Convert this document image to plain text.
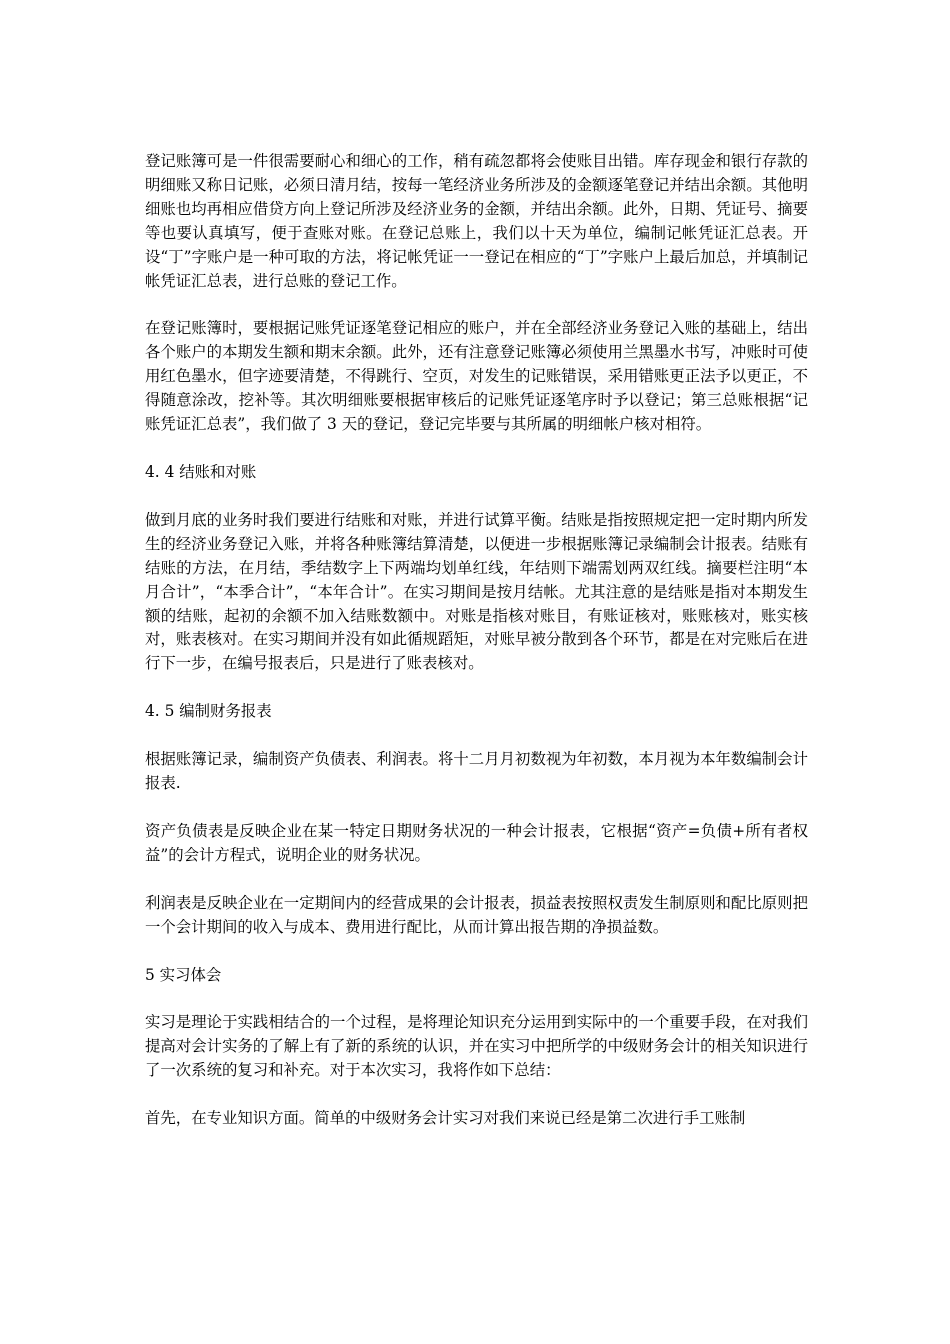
登记账簿可是一件很需要耐心和细心的工作，稍有疏忽都将会使账目出错。库存现金和银行存款的明细账又称日记账，必须日清月结，按每一笔经济业务所涉及的金额逐笔登记并结出余额。其他明细账也均再相应借贷方向上登记所涉及经济业务的金额，并结出余额。此外，日期、凭证号、摘要等也要认真填写，便于查账对账。在登记总账上，我们以十天为单位，编制记帐凭证汇总表。开设“丁”字账户是一种可取的方法，将记帐凭证一一登记在相应的“丁”字账户上最后加总，并填制记帐凭证汇总表，进行总账的登记工作。

在登记账簿时，要根据记账凭证逐笔登记相应的账户，并在全部经济业务登记入账的基础上，结出各个账户的本期发生额和期末余额。此外，还有注意登记账簿必须使用兰黑墨水书写，冲账时可使用红色墨水，但字迹要清楚，不得跳行、空页，对发生的记账错误，采用错账更正法予以更正，不得随意涂改，挖补等。其次明细账要根据审核后的记账凭证逐笔序时予以登记；第三总账根据“记账凭证汇总表”，我们做了 3 天的登记，登记完毕要与其所属的明细帐户核对相符。

4. 4 结账和对账

做到月底的业务时我们要进行结账和对账，并进行试算平衡。结账是指按照规定把一定时期内所发生的经济业务登记入账，并将各种账簿结算清楚，以便进一步根据账簿记录编制会计报表。结账有结账的方法，在月结，季结数字上下两端均划单红线，年结则下端需划两双红线。摘要栏注明“本月合计”，“本季合计”，“本年合计”。在实习期间是按月结帐。尤其注意的是结账是指对本期发生额的结账，起初的余额不加入结账数额中。对账是指核对账目，有账证核对，账账核对，账实核对，账表核对。在实习期间并没有如此循规蹈矩，对账早被分散到各个环节，都是在对完账后在进行下一步，在编号报表后，只是进行了账表核对。

4. 5 编制财务报表

根据账簿记录，编制资产负债表、利润表。将十二月月初数视为年初数，本月视为本年数编制会计报表.

资产负债表是反映企业在某一特定日期财务状况的一种会计报表，它根据“资产=负债+所有者权益”的会计方程式，说明企业的财务状况。

利润表是反映企业在一定期间内的经营成果的会计报表，损益表按照权责发生制原则和配比原则把一个会计期间的收入与成本、费用进行配比，从而计算出报告期的净损益数。

5 实习体会

实习是理论于实践相结合的一个过程，是将理论知识充分运用到实际中的一个重要手段，在对我们提高对会计实务的了解上有了新的系统的认识，并在实习中把所学的中级财务会计的相关知识进行了一次系统的复习和补充。对于本次实习，我将作如下总结：

首先，在专业知识方面。简单的中级财务会计实习对我们来说已经是第二次进行手工账制
